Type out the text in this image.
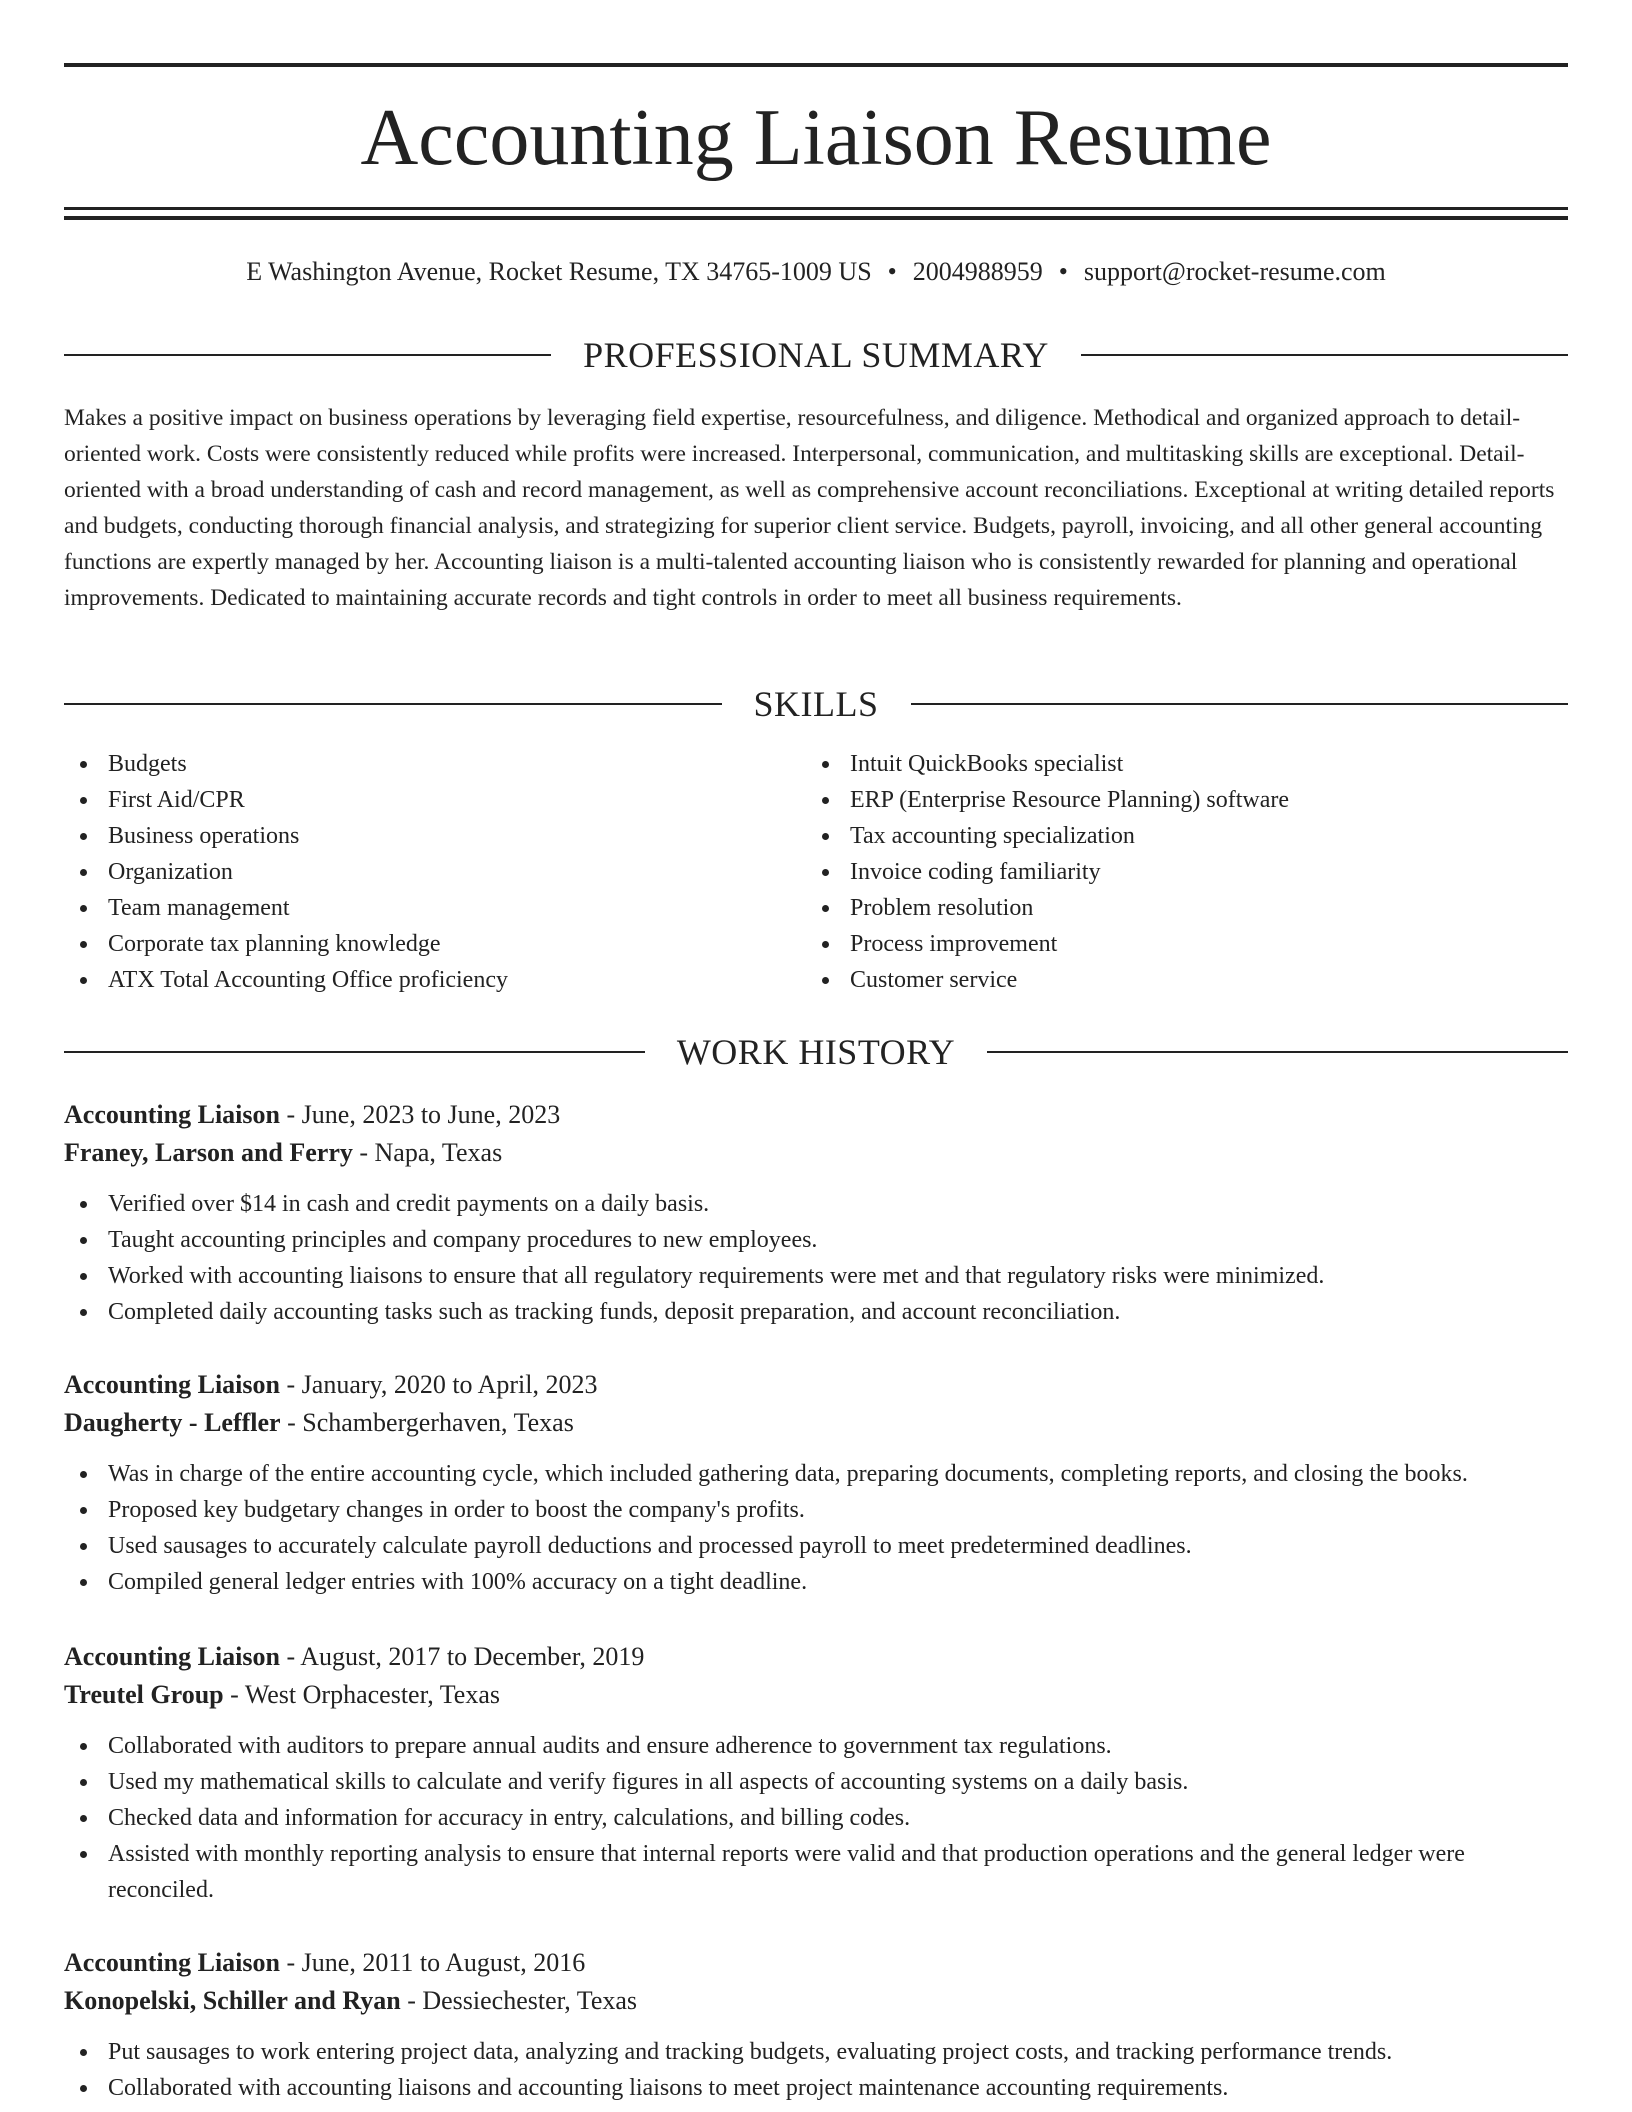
Accounting Liaison Resume
E Washington Avenue, Rocket Resume, TX 34765-1009 US • 2004988959 • support@rocket-resume.com
PROFESSIONAL SUMMARY

Makes a positive impact on business operations by leveraging field expertise, resourcefulness, and diligence. Methodical and organized approach to detail-oriented work. Costs were consistently reduced while profits were increased. Interpersonal, communication, and multitasking skills are exceptional. Detail-oriented with a broad understanding of cash and record management, as well as comprehensive account reconciliations. Exceptional at writing detailed reports and budgets, conducting thorough financial analysis, and strategizing for superior client service. Budgets, payroll, invoicing, and all other general accounting functions are expertly managed by her. Accounting liaison is a multi-talented accounting liaison who is consistently rewarded for planning and operational improvements. Dedicated to maintaining accurate records and tight controls in order to meet all business requirements.

SKILLS
Budgets
First Aid/CPR
Business operations
Organization
Team management
Corporate tax planning knowledge
ATX Total Accounting Office proficiency
Intuit QuickBooks specialist
ERP (Enterprise Resource Planning) software
Tax accounting specialization
Invoice coding familiarity
Problem resolution
Process improvement
Customer service
WORK HISTORY
Accounting Liaison - June, 2023 to June, 2023
Franey, Larson and Ferry - Napa, Texas
Verified over $14 in cash and credit payments on a daily basis.
Taught accounting principles and company procedures to new employees.
Worked with accounting liaisons to ensure that all regulatory requirements were met and that regulatory risks were minimized.
Completed daily accounting tasks such as tracking funds, deposit preparation, and account reconciliation.
Accounting Liaison - January, 2020 to April, 2023
Daugherty - Leffler - Schambergerhaven, Texas
Was in charge of the entire accounting cycle, which included gathering data, preparing documents, completing reports, and closing the books.
Proposed key budgetary changes in order to boost the company's profits.
Used sausages to accurately calculate payroll deductions and processed payroll to meet predetermined deadlines.
Compiled general ledger entries with 100% accuracy on a tight deadline.
Accounting Liaison - August, 2017 to December, 2019
Treutel Group - West Orphacester, Texas
Collaborated with auditors to prepare annual audits and ensure adherence to government tax regulations.
Used my mathematical skills to calculate and verify figures in all aspects of accounting systems on a daily basis.
Checked data and information for accuracy in entry, calculations, and billing codes.
Assisted with monthly reporting analysis to ensure that internal reports were valid and that production operations and the general ledger were reconciled.
Accounting Liaison - June, 2011 to August, 2016
Konopelski, Schiller and Ryan - Dessiechester, Texas
Put sausages to work entering project data, analyzing and tracking budgets, evaluating project costs, and tracking performance trends.
Collaborated with accounting liaisons and accounting liaisons to meet project maintenance accounting requirements.
